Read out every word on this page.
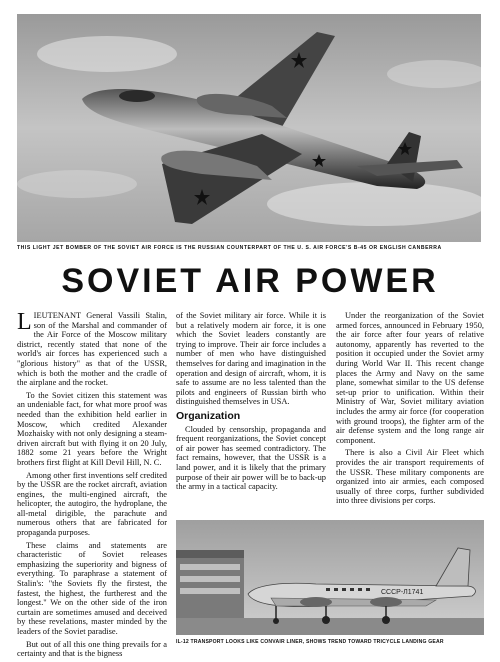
THIS LIGHT JET BOMBER OF THE SOVIET AIR FORCE IS THE RUSSIAN COUNTERPART OF THE U. S. AIR FORCE'S B-45 OR ENGLISH CANBERRA
SOVIET AIR POWER

LIEUTENANT General Vassili Stalin, son of the Marshal and commander of the Air Force of the Moscow military district, recently stated that none of the world's air forces has experienced such a "glorious history" as that of the USSR, which is both the mother and the cradle of the airplane and the rocket.

To the Soviet citizen this statement was an undeniable fact, for what more proof was needed than the exhibition held earlier in Moscow, which credited Alexander Mozhaisky with not only designing a steam-driven aircraft but with flying it on 20 July, 1882 some 21 years before the Wright brothers first flight at Kill Devil Hill, N. C.

Among other first inventions self credited by the USSR are the rocket aircraft, aviation engines, the multi-engined aircraft, the helicopter, the autogiro, the hydroplane, the all-metal dirigible, the parachute and numerous others that are fabricated for propaganda purposes.

These claims and statements are characteristic of Soviet releases emphasizing the superiority and bigness of everything. To paraphrase a statement of Stalin's: "the Soviets fly the firstest, the fastest, the highest, the furtherest and the longest." We on the other side of the iron curtain are sometimes amused and deceived by these revelations, master minded by the leaders of the Soviet paradise.

But out of all this one thing prevails for a certainty and that is the bigness

of the Soviet military air force. While it is but a relatively modern air force, it is one which the Soviet leaders constantly are trying to improve. Their air force includes a number of men who have distinguished themselves for daring and imagination in the operation and design of aircraft, whom, it is safe to assume are no less talented than the pilots and engineers of Russian birth who distinguished themselves in USA.

Organization

Clouded by censorship, propaganda and frequent reorganizations, the Soviet concept of air power has seemed contradictory. The fact remains, however, that the USSR is a land power, and it is likely that the primary purpose of their air power will be to back-up the army in a tactical capacity.

Under the reorganization of the Soviet armed forces, announced in February 1950, the air force after four years of relative autonomy, apparently has reverted to the position it occupied under the Soviet army during World War II. This recent change places the Army and Navy on the same plane, somewhat similar to the US defense set-up prior to unification. Within their Ministry of War, Soviet military aviation includes the army air force (for cooperation with ground troops), the fighter arm of the air defense system and the long range air component.

There is also a Civil Air Fleet which provides the air transport requirements of the USSR. These military components are organized into air armies, each composed usually of three corps, further subdivided into three divisions per corps.

CCCP-Л1741
IL-12 TRANSPORT LOOKS LIKE CONVAIR LINER, SHOWS TREND TOWARD TRICYCLE LANDING GEAR
